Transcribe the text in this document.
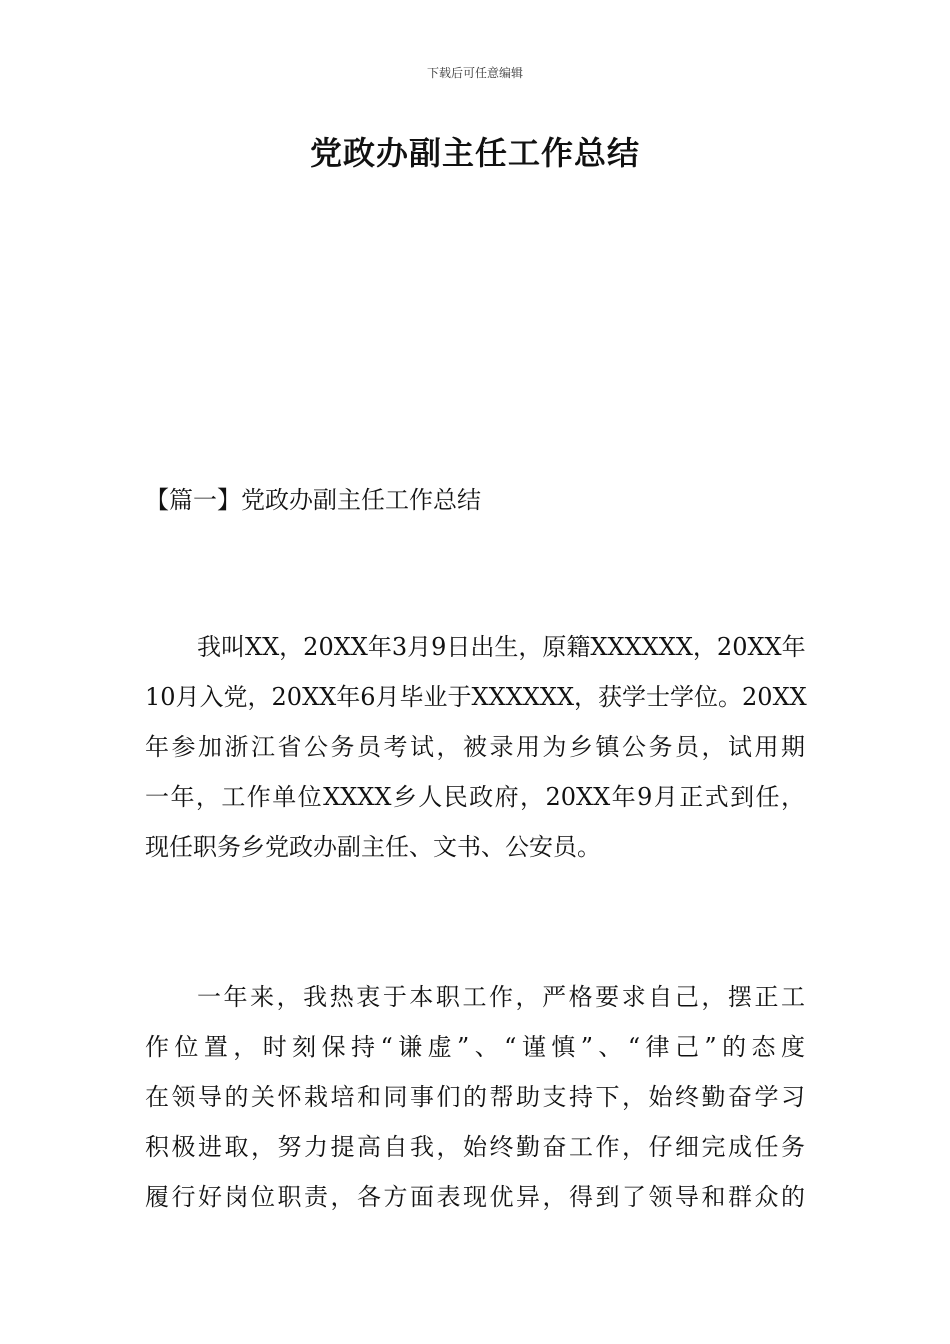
下载后可任意编辑
党政办副主任工作总结
【篇一】党政办副主任工作总结

我叫XX，20XX年3月9日出生，原籍XXXXXX，20XX年
10月入党，20XX年6月毕业于XXXXXX，获学士学位。20XX
年参加浙江省公务员考试，被录用为乡镇公务员，试用期
一年，工作单位XXXX乡人民政府，20XX年9月正式到任，
现任职务乡党政办副主任、文书、公安员。

一年来，我热衷于本职工作，严格要求自己，摆正工
作位置，时刻保持“谦虚”、“谨慎”、“律己”的态度
在领导的关怀栽培和同事们的帮助支持下，始终勤奋学习
积极进取，努力提高自我，始终勤奋工作，仔细完成任务
履行好岗位职责，各方面表现优异，得到了领导和群众的
